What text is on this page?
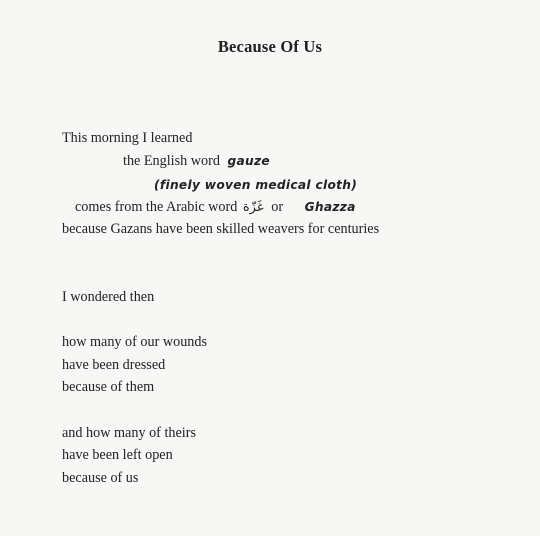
Because Of Us
This morning I learned
the English word gauze
(finely woven medical cloth)
comes from the Arabic word غَزّة or Ghazza
because Gazans have been skilled weavers for centuries
I wondered then
how many of our wounds
have been dressed
because of them
and how many of theirs
have been left open
because of us
